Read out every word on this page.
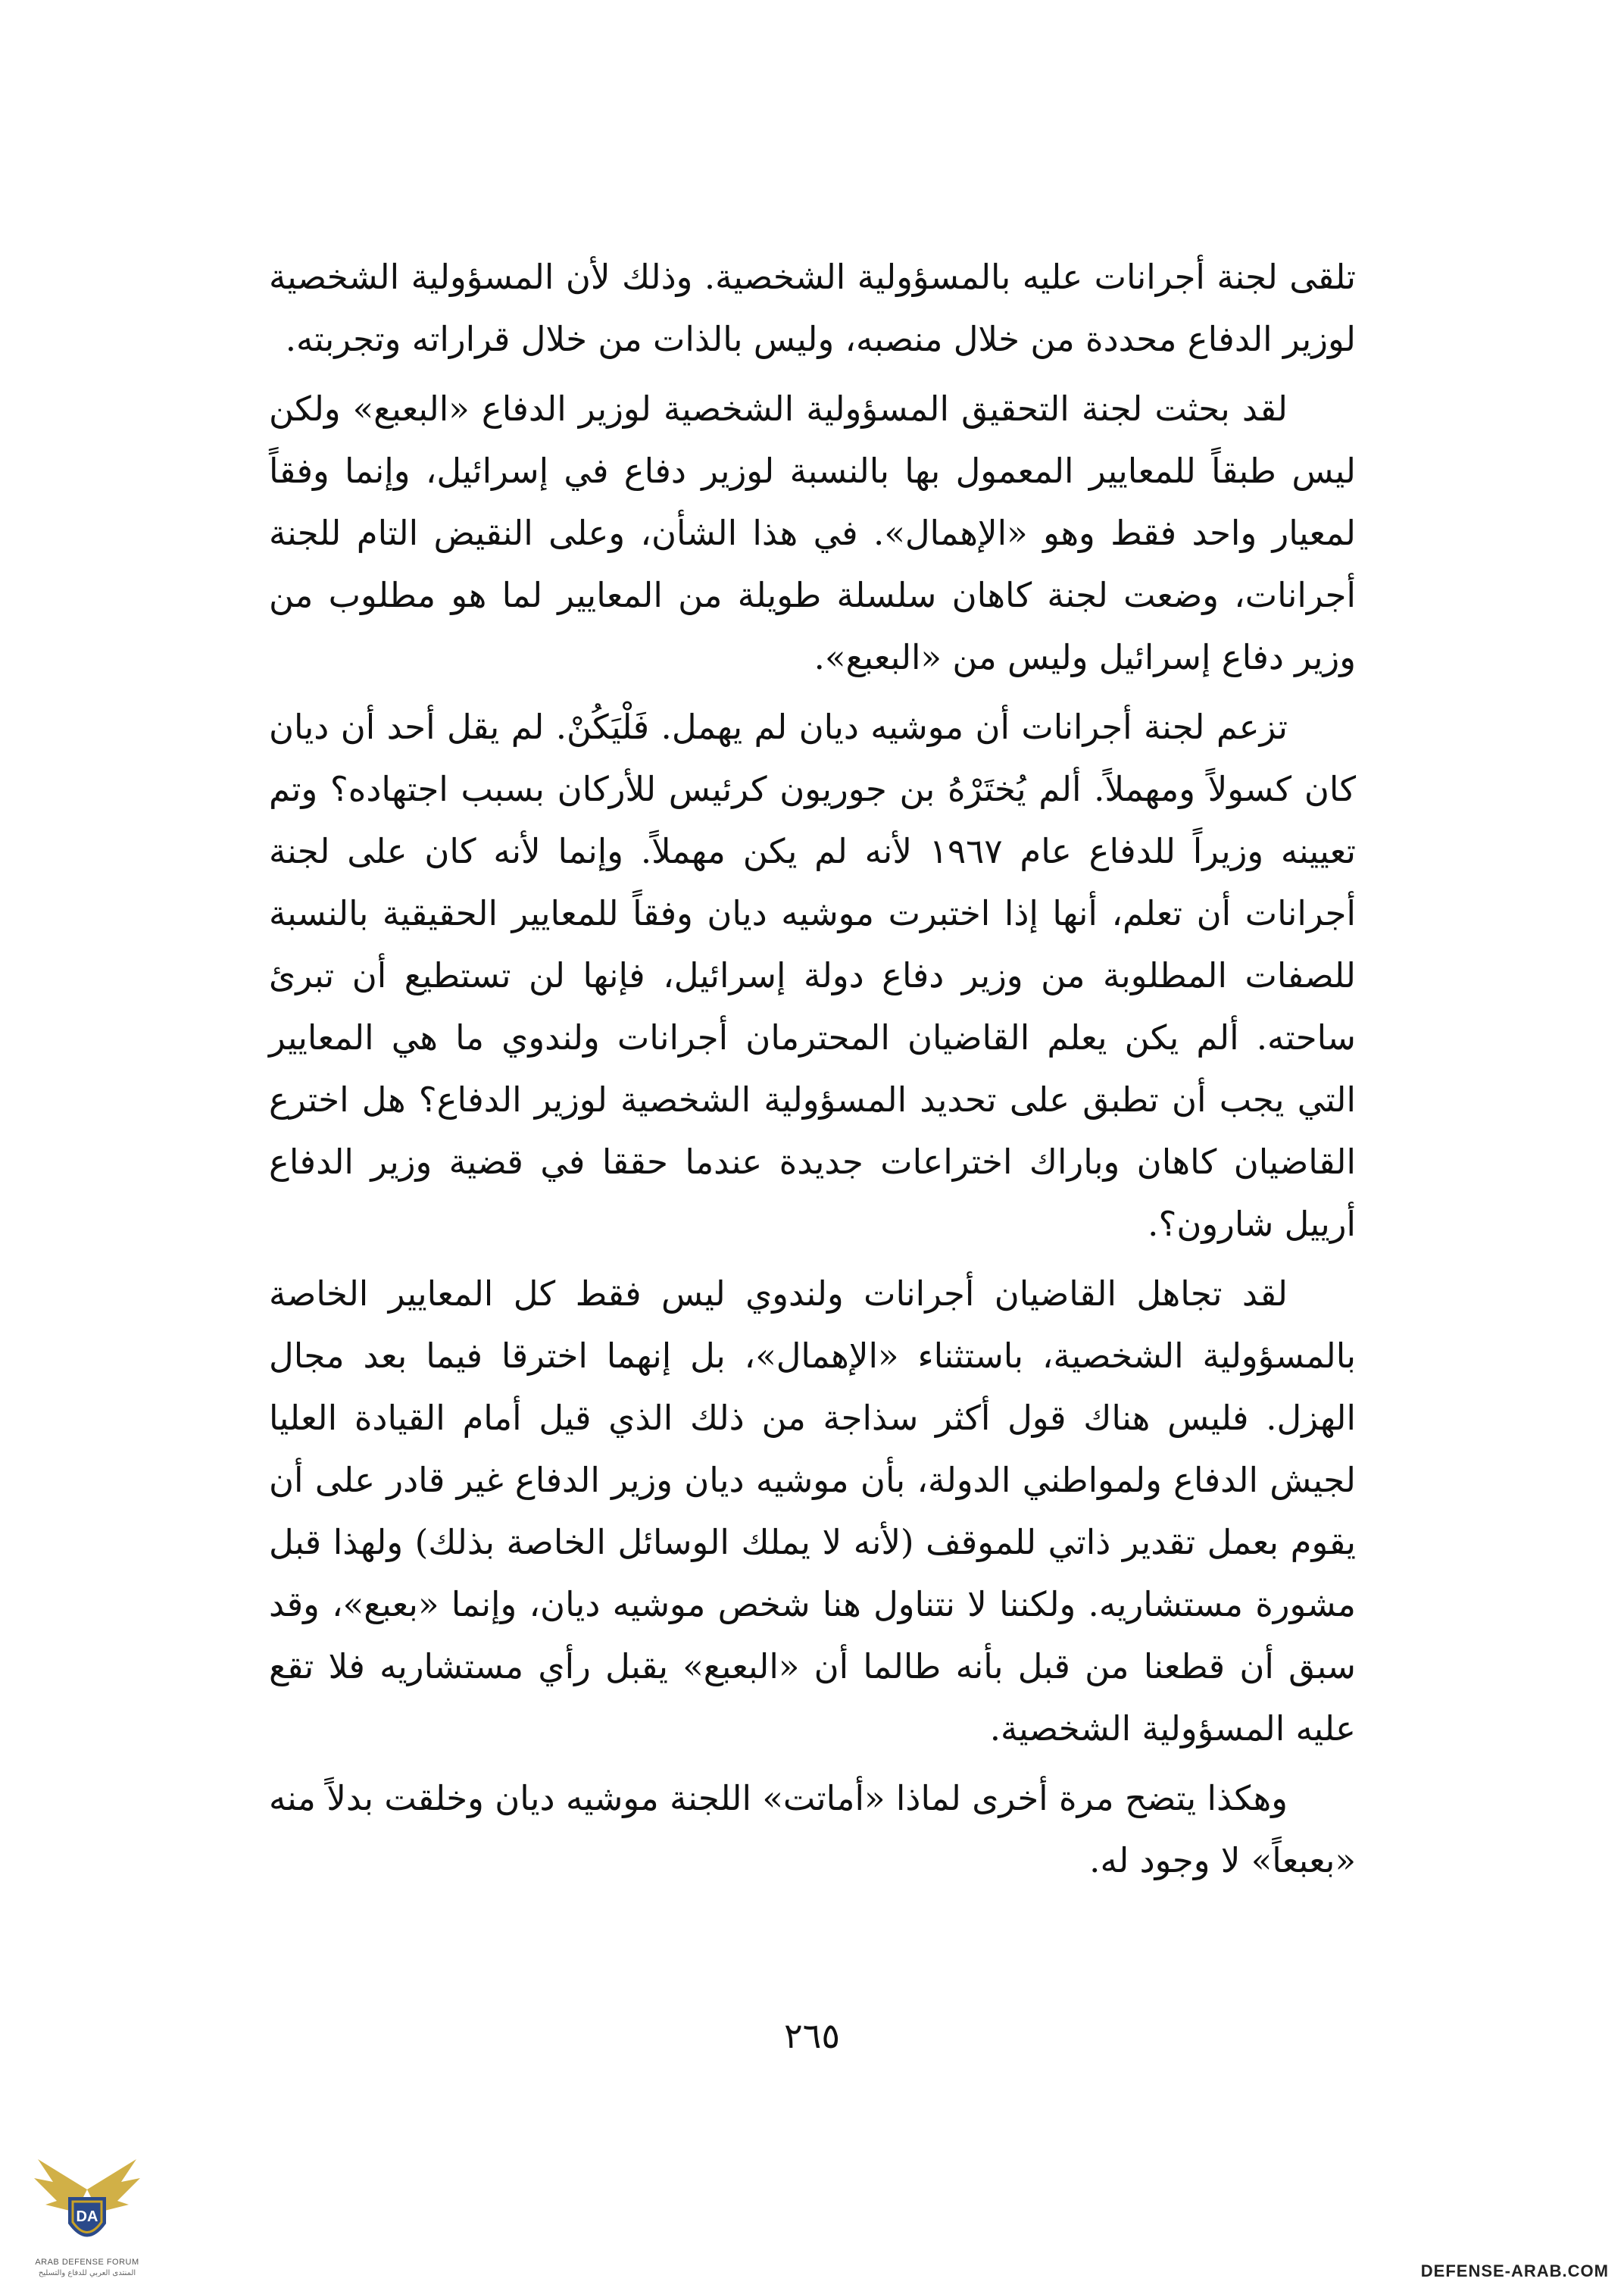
تلقى لجنة أجرانات عليه بالمسؤولية الشخصية. وذلك لأن المسؤولية الشخصية لوزير الدفاع محددة من خلال منصبه، وليس بالذات من خلال قراراته وتجربته.

لقد بحثت لجنة التحقيق المسؤولية الشخصية لوزير الدفاع «البعبع» ولكن ليس طبقاً للمعايير المعمول بها بالنسبة لوزير دفاع في إسرائيل، وإنما وفقاً لمعيار واحد فقط وهو «الإهمال». في هذا الشأن، وعلى النقيض التام للجنة أجرانات، وضعت لجنة كاهان سلسلة طويلة من المعايير لما هو مطلوب من وزير دفاع إسرائيل وليس من «البعبع».

تزعم لجنة أجرانات أن موشيه ديان لم يهمل. فَلْيَكُنْ. لم يقل أحد أن ديان كان كسولاً ومهملاً. ألم يُختَرْهُ بن جوريون كرئيس للأركان بسبب اجتهاده؟ وتم تعيينه وزيراً للدفاع عام ١٩٦٧ لأنه لم يكن مهملاً. وإنما لأنه كان على لجنة أجرانات أن تعلم، أنها إذا اختبرت موشيه ديان وفقاً للمعايير الحقيقية بالنسبة للصفات المطلوبة من وزير دفاع دولة إسرائيل، فإنها لن تستطيع أن تبرئ ساحته. ألم يكن يعلم القاضيان المحترمان أجرانات ولندوي ما هي المعايير التي يجب أن تطبق على تحديد المسؤولية الشخصية لوزير الدفاع؟ هل اخترع القاضيان كاهان وباراك اختراعات جديدة عندما حققا في قضية وزير الدفاع أرييل شارون؟.

لقد تجاهل القاضيان أجرانات ولندوي ليس فقط كل المعايير الخاصة بالمسؤولية الشخصية، باستثناء «الإهمال»، بل إنهما اخترقا فيما بعد مجال الهزل. فليس هناك قول أكثر سذاجة من ذلك الذي قيل أمام القيادة العليا لجيش الدفاع ولمواطني الدولة، بأن موشيه ديان وزير الدفاع غير قادر على أن يقوم بعمل تقدير ذاتي للموقف (لأنه لا يملك الوسائل الخاصة بذلك) ولهذا قبل مشورة مستشاريه. ولكننا لا نتناول هنا شخص موشيه ديان، وإنما «بعبع»، وقد سبق أن قطعنا من قبل بأنه طالما أن «البعبع» يقبل رأي مستشاريه فلا تقع عليه المسؤولية الشخصية.

وهكذا يتضح مرة أخرى لماذا «أماتت» اللجنة موشيه ديان وخلقت بدلاً منه «بعبعاً» لا وجود له.

٢٦٥
DA
ARAB DEFENSE FORUM
المنتدى العربي للدفاع والتسليح	DEFENSE-ARAB.COM
